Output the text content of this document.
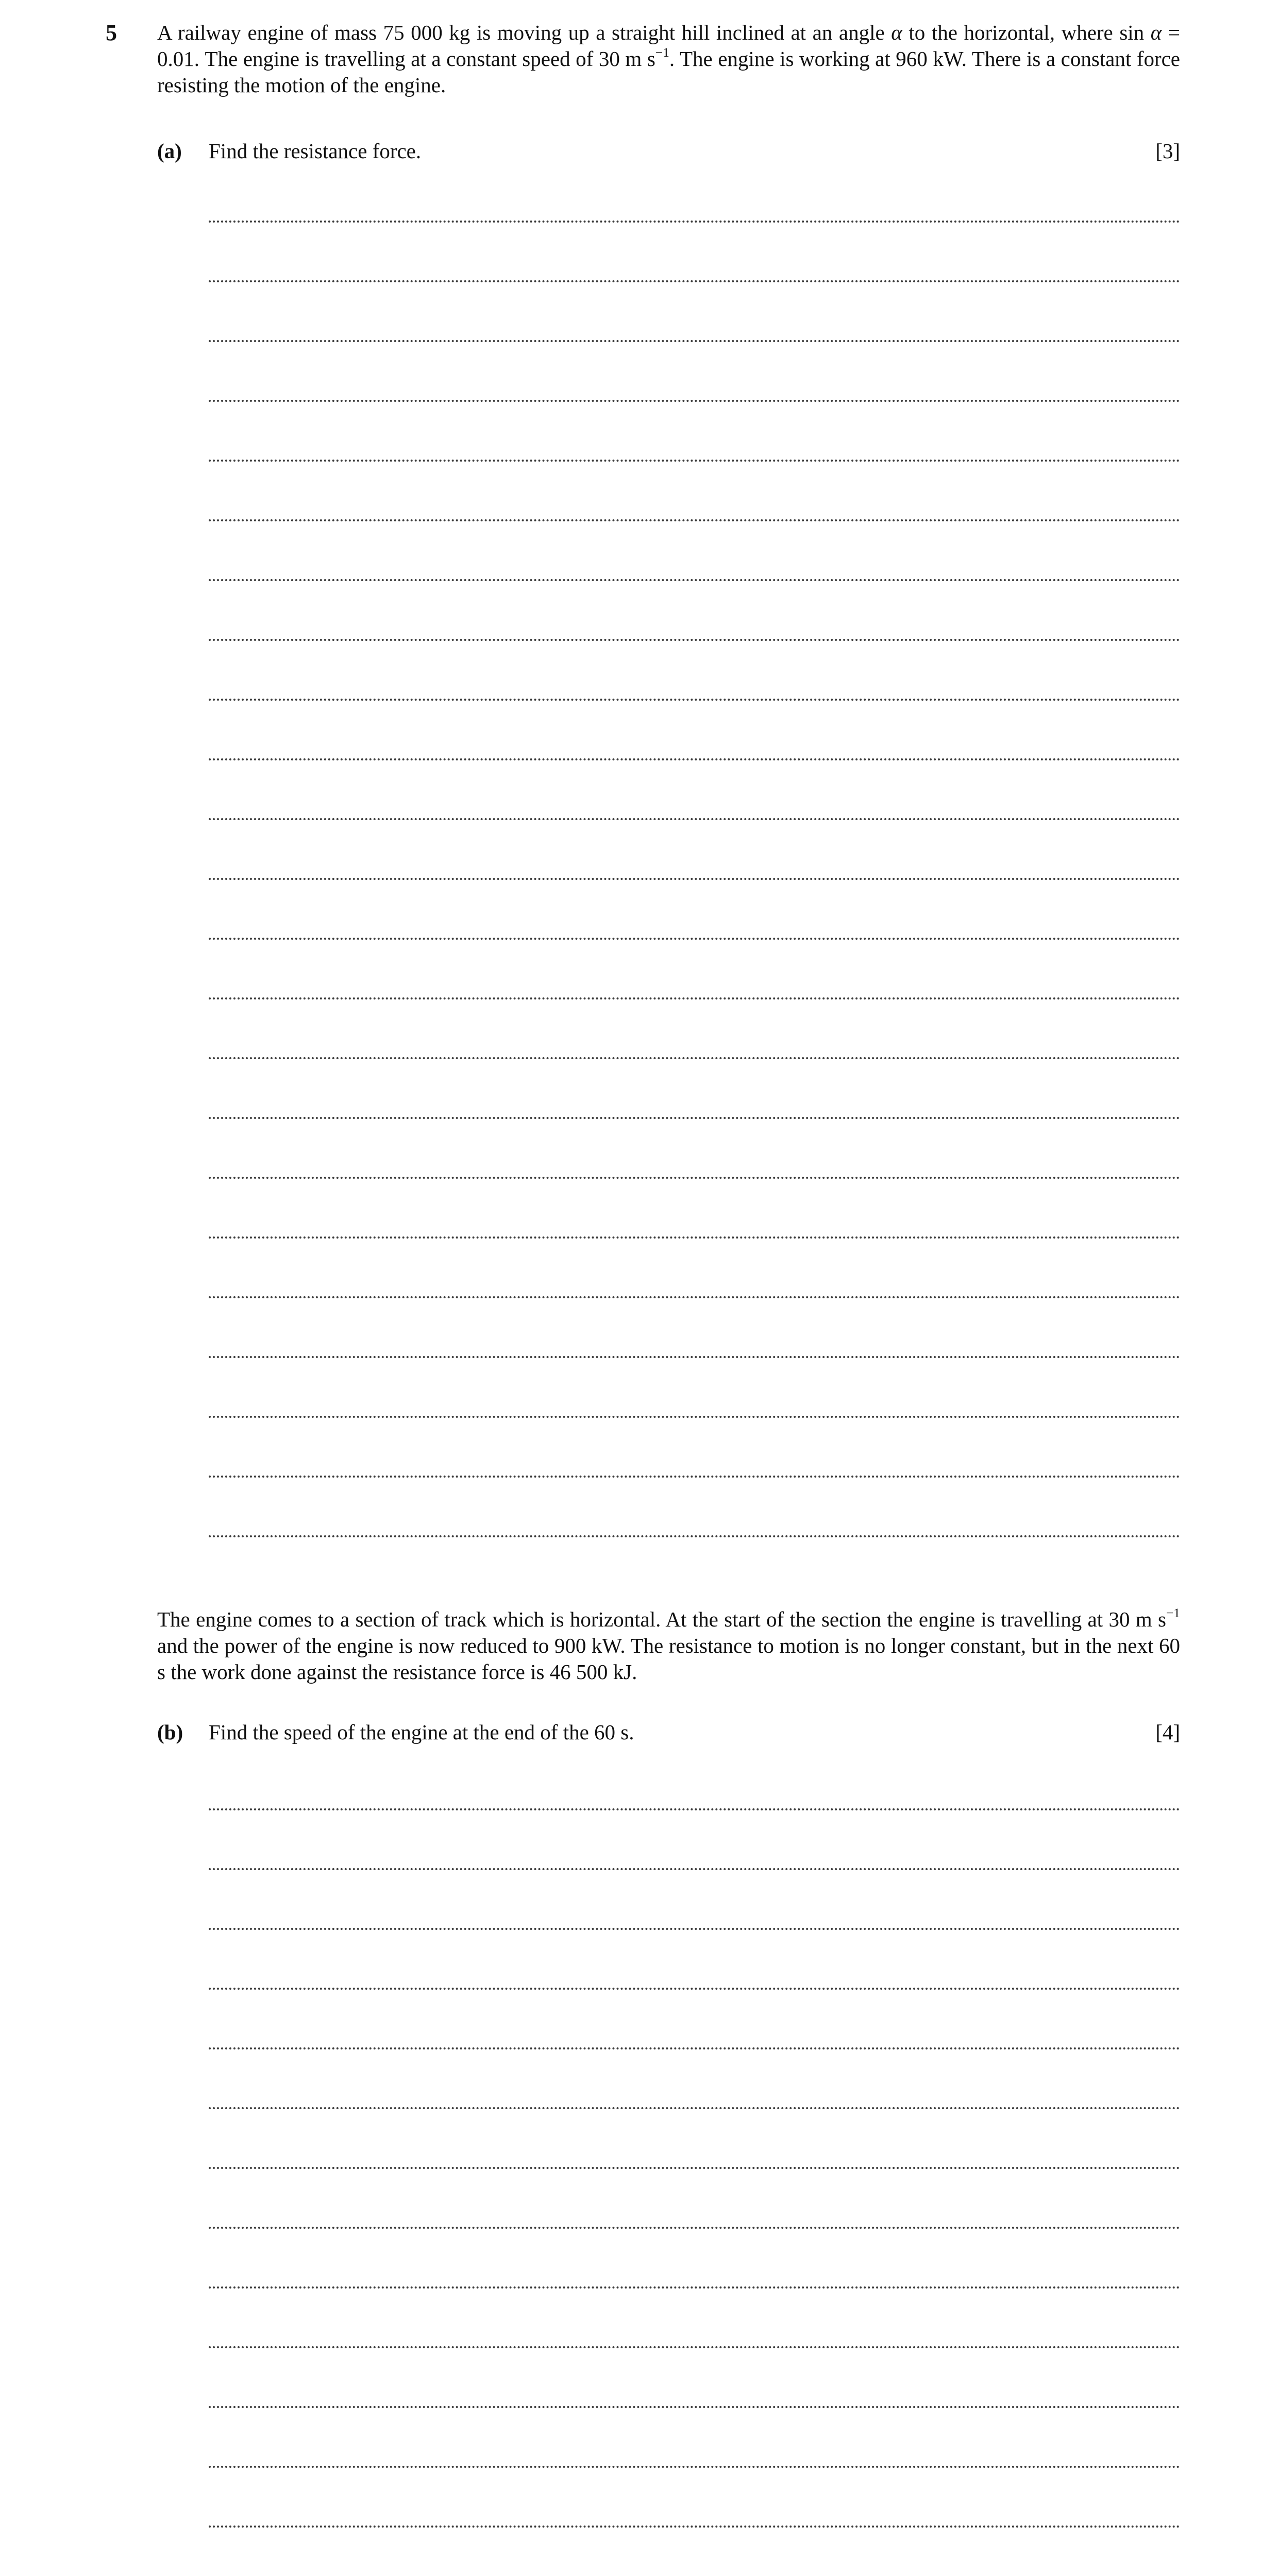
5 A railway engine of mass 75 000 kg is moving up a straight hill inclined at an angle α to the horizontal, where sin α = 0.01. The engine is travelling at a constant speed of 30 m $s^{-1}$. The engine is working at 960 kW. There is a constant force resisting the motion of the engine.

(a) Find the resistance force.	[3]

The engine comes to a section of track which is horizontal. At the start of the section the engine is travelling at 30 m $s^{-1}$ and the power of the engine is now reduced to 900 kW. The resistance to motion is no longer constant, but in the next 60 s the work done against the resistance force is 46 500 kJ.

(b) Find the speed of the engine at the end of the 60 s.	[4]
